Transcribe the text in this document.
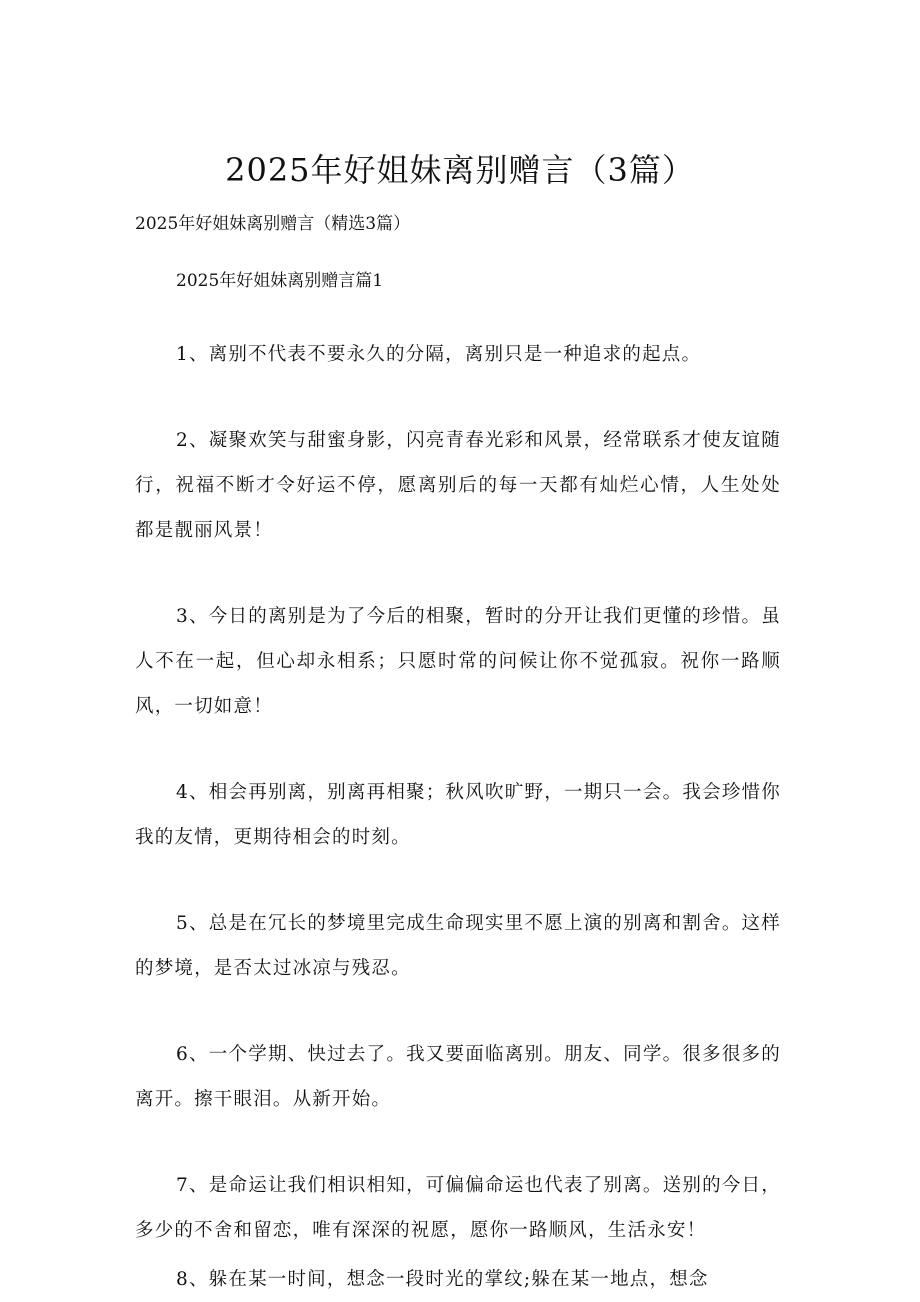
2025年好姐妹离别赠言（3篇）
2025年好姐妹离别赠言（精选3篇）
2025年好姐妹离别赠言篇1

1、离别不代表不要永久的分隔，离别只是一种追求的起点。

2、凝聚欢笑与甜蜜身影，闪亮青春光彩和风景，经常联系才使友谊随行，祝福不断才令好运不停，愿离别后的每一天都有灿烂心情，人生处处都是靓丽风景！

3、今日的离别是为了今后的相聚，暂时的分开让我们更懂的珍惜。虽人不在一起，但心却永相系；只愿时常的问候让你不觉孤寂。祝你一路顺风，一切如意！

4、相会再别离，别离再相聚；秋风吹旷野，一期只一会。我会珍惜你我的友情，更期待相会的时刻。

5、总是在冗长的梦境里完成生命现实里不愿上演的别离和割舍。这样的梦境，是否太过冰凉与残忍。

6、一个学期、快过去了。我又要面临离别。朋友、同学。很多很多的离开。擦干眼泪。从新开始。

7、是命运让我们相识相知，可偏偏命运也代表了别离。送别的今日，多少的不舍和留恋，唯有深深的祝愿，愿你一路顺风，生活永安！

8、躲在某一时间，想念一段时光的掌纹;躲在某一地点，想念
